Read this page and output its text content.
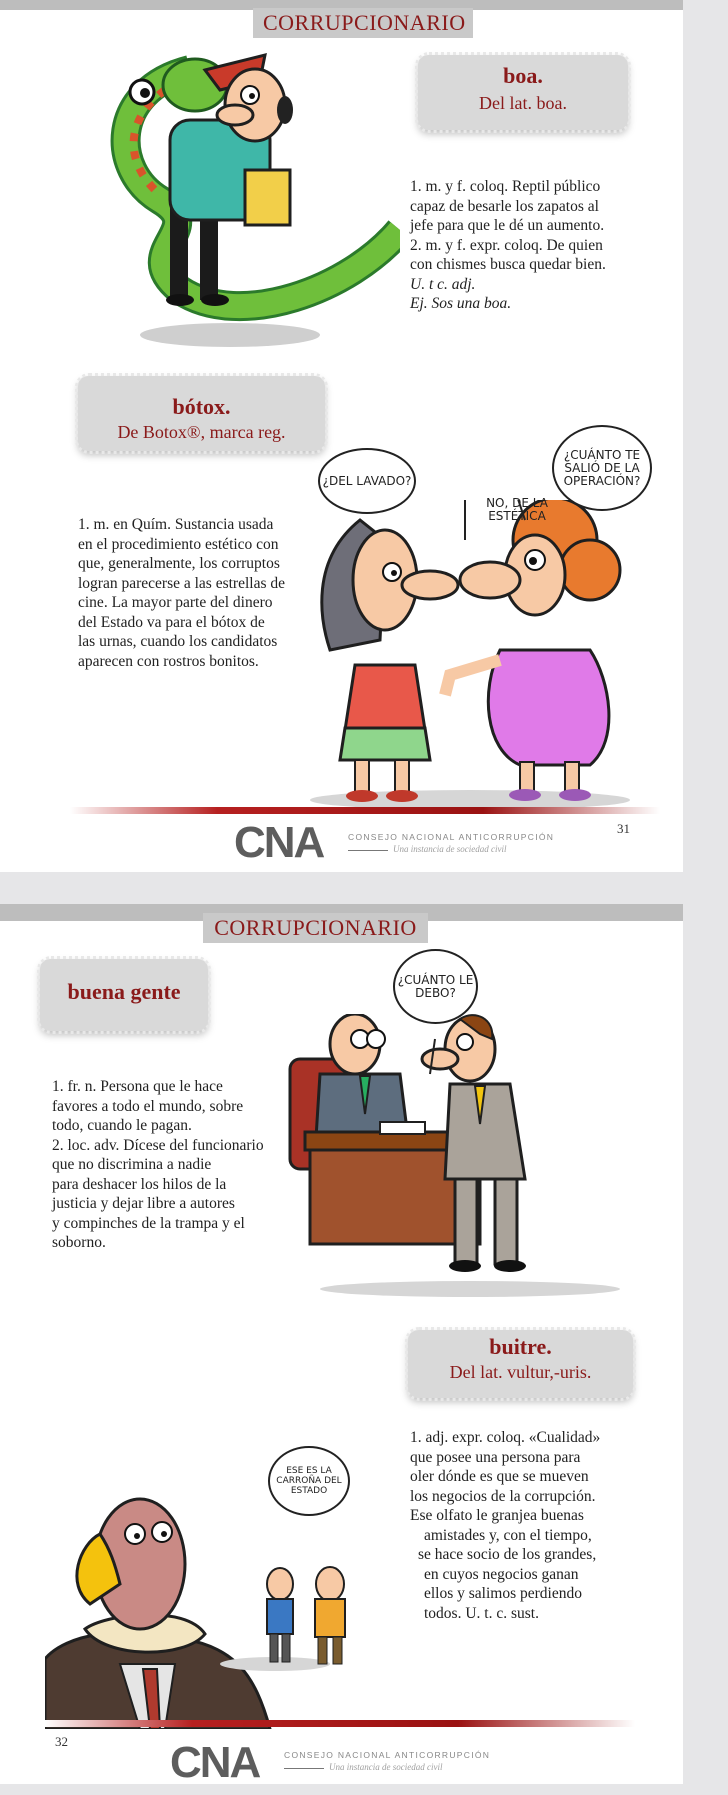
CORRUPCIONARIO
boa.
Del lat. boa.

1. m. y f. coloq. Reptil público

capaz de besarle los zapatos al

jefe para que le dé un aumento.

2. m. y f. expr. coloq. De quien

con chismes busca quedar bien.

U. t c. adj.

Ej. Sos una boa.

bótox.
De Botox®, marca reg.

1. m. en Quím. Sustancia usada

en el procedimiento estético con

que, generalmente, los corruptos

logran parecerse a las estrellas de

cine. La mayor parte del dinero

del Estado va para el bótox de

las urnas, cuando los candidatos

aparecen con rostros bonitos.

¿DEL LAVADO?
¿CUÁNTO TE SALIÓ DE LA OPERACIÓN?
NO, DE LA ESTÉTICA
CNA	CONSEJO NACIONAL ANTICORRUPCIÓN
Una instancia de sociedad civil
31
CORRUPCIONARIO
buena gente

1. fr. n. Persona que le hace

favores a todo el mundo, sobre

todo, cuando le pagan.

2. loc. adv. Dícese del funcionario

que no discrimina a nadie

para deshacer los hilos de la

justicia y dejar libre a autores

y compinches de la trampa y el

soborno.

¿CUÁNTO LE DEBO?
buitre.
Del lat. vultur,-uris.

1. adj. expr. coloq. «Cualidad»

que posee una persona para

oler dónde es que se mueven

los negocios de la corrupción.

Ese olfato le granjea buenas

amistades y, con el tiempo,

se hace socio de los grandes,

en cuyos negocios ganan

ellos y salimos perdiendo

todos. U. t. c. sust.

ESE ES LA CARROÑA DEL ESTADO
32 CNA	CONSEJO NACIONAL ANTICORRUPCIÓN
Una instancia de sociedad civil
